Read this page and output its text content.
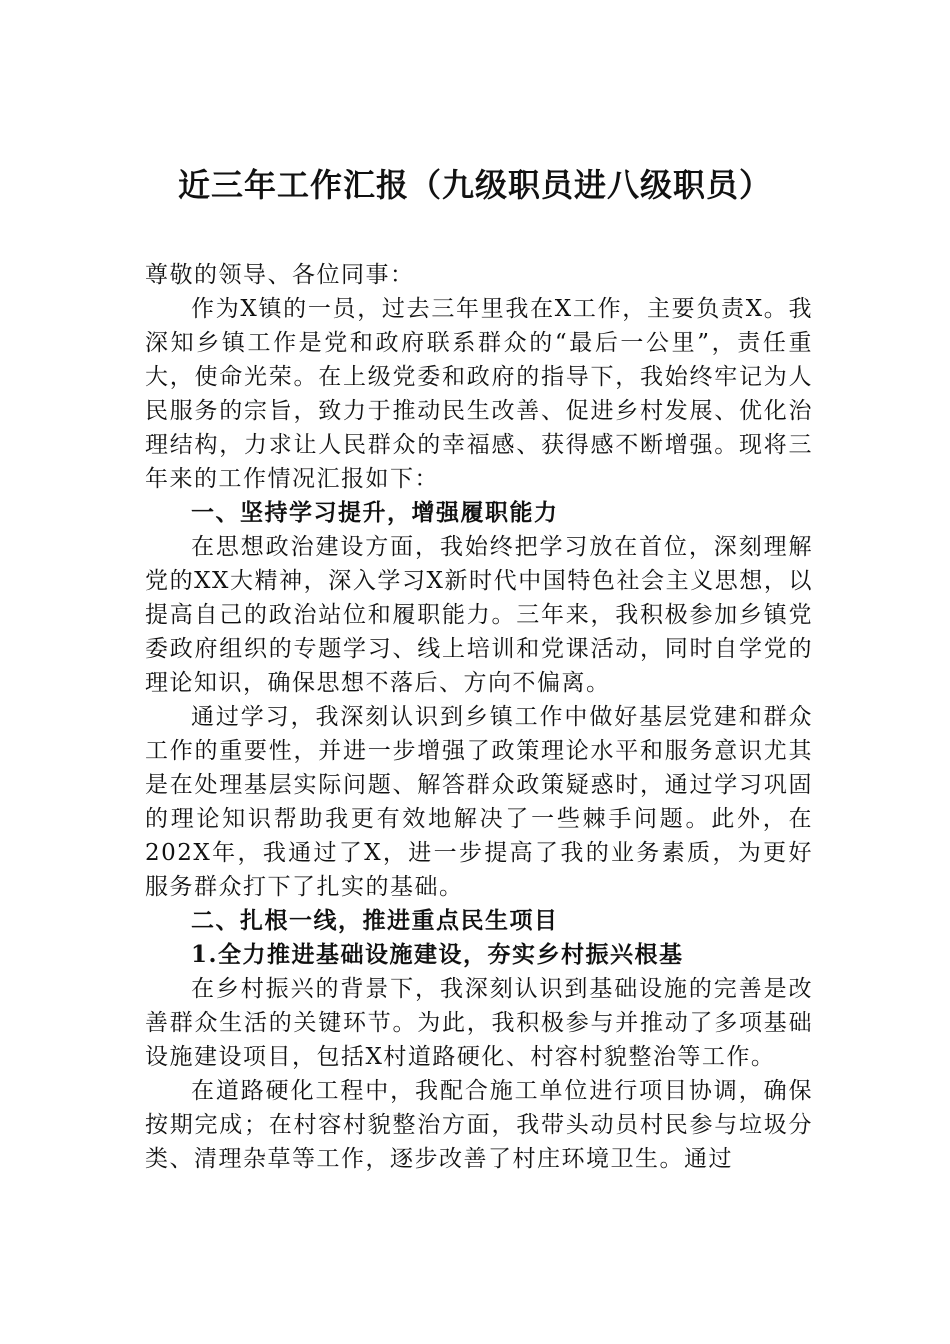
近三年工作汇报（九级职员进八级职员）

尊敬的领导、各位同事：

作为X镇的一员，过去三年里我在X工作，主要负责X。我深知乡镇工作是党和政府联系群众的“最后一公里”，责任重大，使命光荣。在上级党委和政府的指导下，我始终牢记为人民服务的宗旨，致力于推动民生改善、促进乡村发展、优化治理结构，力求让人民群众的幸福感、获得感不断增强。现将三年来的工作情况汇报如下：

一、坚持学习提升，增强履职能力

在思想政治建设方面，我始终把学习放在首位，深刻理解党的XX大精神，深入学习X新时代中国特色社会主义思想，以提高自己的政治站位和履职能力。三年来，我积极参加乡镇党委政府组织的专题学习、线上培训和党课活动，同时自学党的理论知识，确保思想不落后、方向不偏离。

通过学习，我深刻认识到乡镇工作中做好基层党建和群众工作的重要性，并进一步增强了政策理论水平和服务意识尤其是在处理基层实际问题、解答群众政策疑惑时，通过学习巩固的理论知识帮助我更有效地解决了一些棘手问题。此外，在202X年，我通过了X，进一步提高了我的业务素质，为更好服务群众打下了扎实的基础。

二、扎根一线，推进重点民生项目

1.全力推进基础设施建设，夯实乡村振兴根基

在乡村振兴的背景下，我深刻认识到基础设施的完善是改善群众生活的关键环节。为此，我积极参与并推动了多项基础设施建设项目，包括X村道路硬化、村容村貌整治等工作。

在道路硬化工程中，我配合施工单位进行项目协调，确保按期完成；在村容村貌整治方面，我带头动员村民参与垃圾分类、清理杂草等工作，逐步改善了村庄环境卫生。通过
